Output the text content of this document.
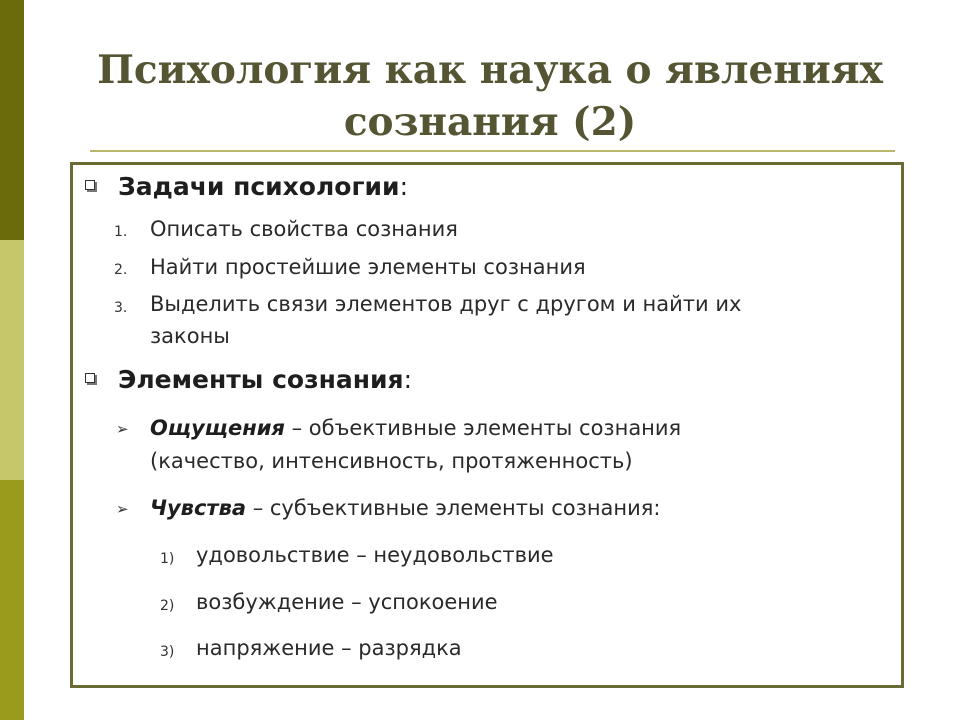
Психология как наука о явлениях
сознания (2)
Задачи психологии:
1. Описать свойства сознания
2. Найти простейшие элементы сознания
3. Выделить связи элементов друг с другом и найти их
законы
Элементы сознания:
➢ Ощущения – объективные элементы сознания
(качество, интенсивность, протяженность)
➢ Чувства – субъективные элементы сознания:
1) удовольствие – неудовольствие
2) возбуждение – успокоение
3) напряжение – разрядка
